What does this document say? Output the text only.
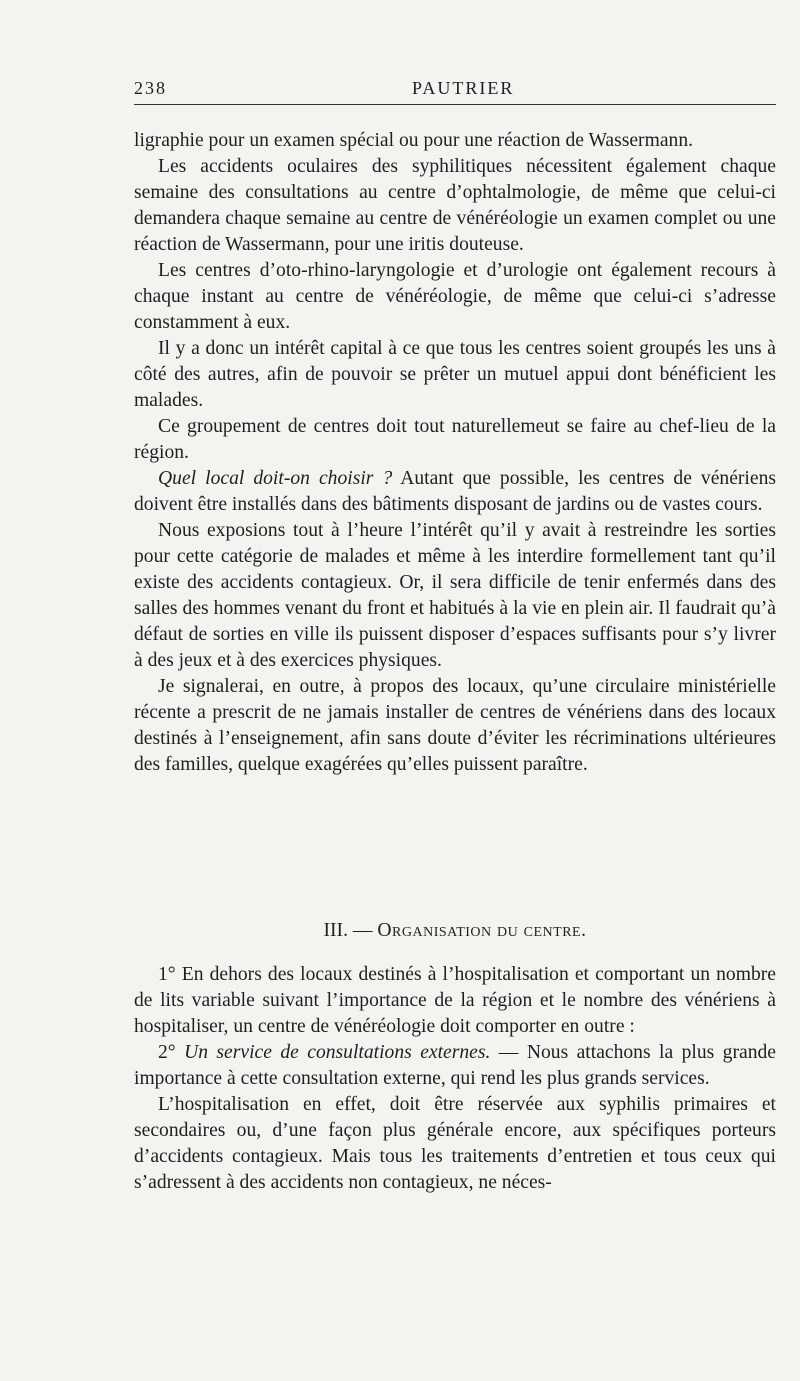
238	PAUTRIER

ligraphie pour un examen spécial ou pour une réaction de Wassermann.

Les accidents oculaires des syphilitiques nécessitent également chaque semaine des consultations au centre d’ophtalmologie, de même que celui-ci demandera chaque semaine au centre de vénéréologie un examen complet ou une réaction de Wassermann, pour une iritis douteuse.

Les centres d’oto-rhino-laryngologie et d’urologie ont également recours à chaque instant au centre de vénéréologie, de même que celui-ci s’adresse constamment à eux.

Il y a donc un intérêt capital à ce que tous les centres soient groupés les uns à côté des autres, afin de pouvoir se prêter un mutuel appui dont bénéficient les malades.

Ce groupement de centres doit tout naturellemeut se faire au chef-lieu de la région.

Quel local doit-on choisir ? Autant que possible, les centres de vénériens doivent être installés dans des bâtiments disposant de jardins ou de vastes cours.

Nous exposions tout à l’heure l’intérêt qu’il y avait à restreindre les sorties pour cette catégorie de malades et même à les interdire formellement tant qu’il existe des accidents contagieux. Or, il sera difficile de tenir enfermés dans des salles des hommes venant du front et habitués à la vie en plein air. Il faudrait qu’à défaut de sorties en ville ils puissent disposer d’espaces suffisants pour s’y livrer à des jeux et à des exercices physiques.

Je signalerai, en outre, à propos des locaux, qu’une circulaire ministérielle récente a prescrit de ne jamais installer de centres de vénériens dans des locaux destinés à l’enseignement, afin sans doute d’éviter les récriminations ultérieures des familles, quelque exagérées qu’elles puissent paraître.

III. — Organisation du centre.

1° En dehors des locaux destinés à l’hospitalisation et comportant un nombre de lits variable suivant l’importance de la région et le nombre des vénériens à hospitaliser, un centre de vénéréologie doit comporter en outre :

2° Un service de consultations externes. — Nous attachons la plus grande importance à cette consultation externe, qui rend les plus grands services.

L’hospitalisation en effet, doit être réservée aux syphilis primaires et secondaires ou, d’une façon plus générale encore, aux spécifiques porteurs d’accidents contagieux. Mais tous les traitements d’entretien et tous ceux qui s’adressent à des accidents non contagieux, ne néces-
